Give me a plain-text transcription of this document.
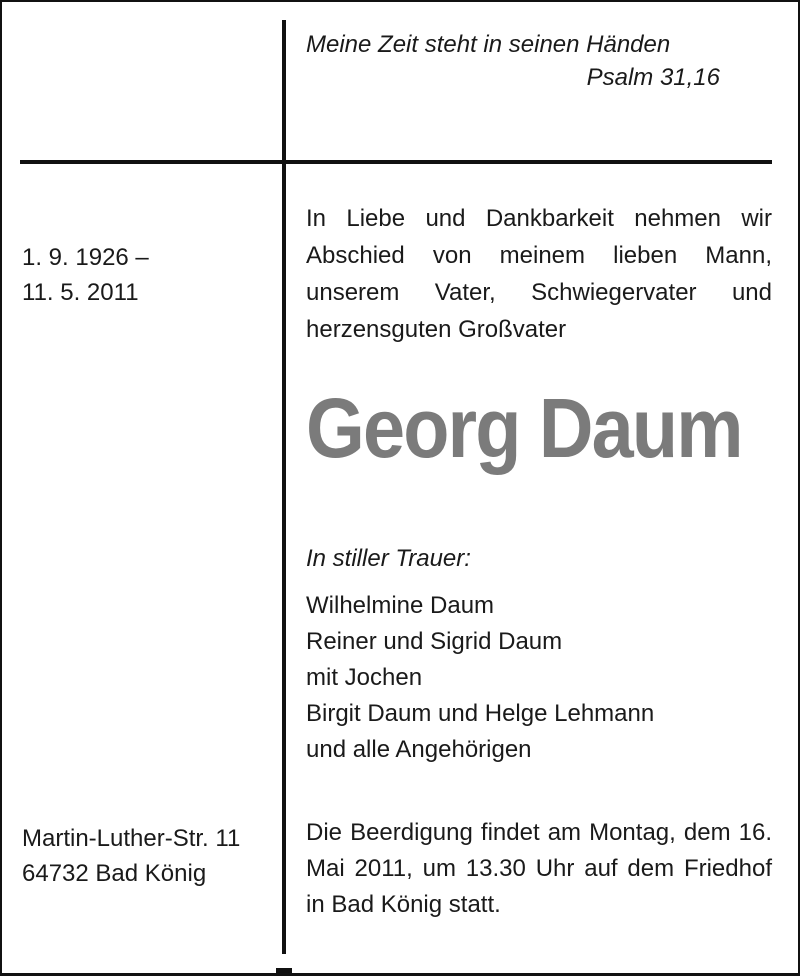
Meine Zeit steht in seinen Händen
Psalm 31,16
1. 9. 1926 –
11. 5. 2011
In Liebe und Dankbarkeit nehmen wir Abschied von meinem lieben Mann, unserem Vater, Schwiegervater und herzensguten Großvater
Georg Daum
In stiller Trauer:
Wilhelmine Daum
Reiner und Sigrid Daum
mit Jochen
Birgit Daum und Helge Lehmann
und alle Angehörigen
Martin-Luther-Str. 11
64732 Bad König
Die Beerdigung findet am Montag, dem 16. Mai 2011, um 13.30 Uhr auf dem Friedhof in Bad König statt.
